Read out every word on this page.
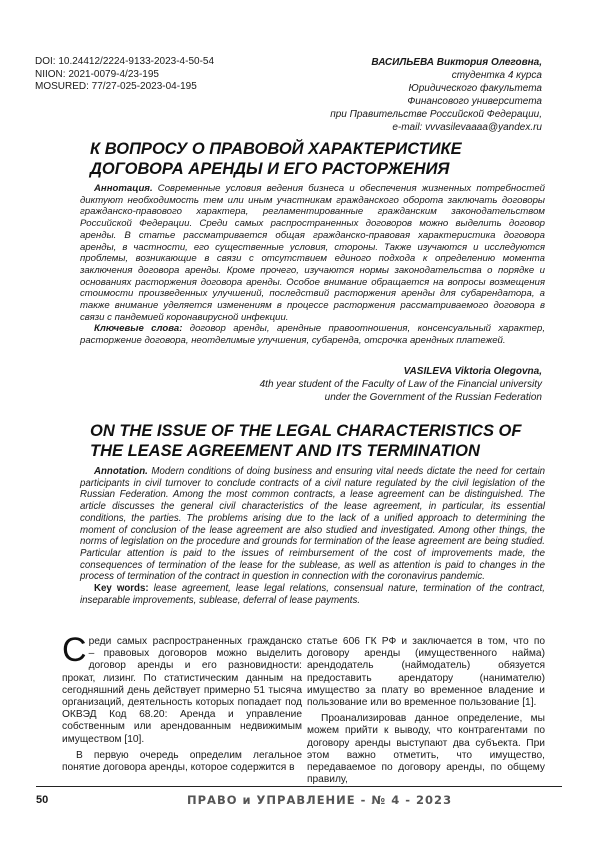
DOI: 10.24412/2224-9133-2023-4-50-54
NIION: 2021-0079-4/23-195
MOSURED: 77/27-025-2023-04-195
ВАСИЛЬЕВА Виктория Олеговна,
студентка 4 курса
Юридического факультета
Финансового университета
при Правительстве Российской Федерации,
e-mail: vvvasilevaaaa@yandex.ru
К ВОПРОСУ О ПРАВОВОЙ ХАРАКТЕРИСТИКЕ ДОГОВОРА АРЕНДЫ И ЕГО РАСТОРЖЕНИЯ

Аннотация. Современные условия ведения бизнеса и обеспечения жизненных потребностей диктуют необходимость тем или иным участникам гражданского оборота заключать договоры гражданско-правового характера, регламентированные гражданским законодательством Российской Федерации. Среди самых распространенных договоров можно выделить договор аренды. В статье рассматривается общая гражданско-правовая характеристика договора аренды, в частности, его существенные условия, стороны. Также изучаются и исследуются проблемы, возникающие в связи с отсутствием единого подхода к определению момента заключения договора аренды. Кроме прочего, изучаются нормы законодательства о порядке и основаниях расторжения договора аренды. Особое внимание обращается на вопросы возмещения стоимости произведенных улучшений, последствий расторжения аренды для субарендатора, а также внимание уделяется изменениям в процессе расторжения рассматриваемого договора в связи с пандемией коронавирусной инфекции.

Ключевые слова: договор аренды, арендные правоотношения, консенсуальный характер, расторжение договора, неотделимые улучшения, субаренда, отсрочка арендных платежей.

VASILEVA Viktoria Olegovna,
4th year student of the Faculty of Law of the Financial university
under the Government of the Russian Federation
ON THE ISSUE OF THE LEGAL CHARACTERISTICS OF THE LEASE AGREEMENT AND ITS TERMINATION

Annotation. Modern conditions of doing business and ensuring vital needs dictate the need for certain participants in civil turnover to conclude contracts of a civil nature regulated by the civil legislation of the Russian Federation. Among the most common contracts, a lease agreement can be distinguished. The article discusses the general civil characteristics of the lease agreement, in particular, its essential conditions, the parties. The problems arising due to the lack of a unified approach to determining the moment of conclusion of the lease agreement are also studied and investigated. Among other things, the norms of legislation on the procedure and grounds for termination of the lease agreement are being studied. Particular attention is paid to the issues of reimbursement of the cost of improvements made, the consequences of termination of the lease for the sublease, as well as attention is paid to changes in the process of termination of the contract in question in connection with the coronavirus pandemic.

Key words: lease agreement, lease legal relations, consensual nature, termination of the contract, inseparable improvements, sublease, deferral of lease payments.

Среди самых распространенных гражданско – правовых договоров можно выделить договор аренды и его разновидности: прокат, лизинг. По статистическим данным на сегодняшний день действует примерно 51 тысяча организаций, деятельность которых попадает под ОКВЭД Код 68.20: Аренда и управление собственным или арендованным недвижимым имуществом [10].

В первую очередь определим легальное понятие договора аренды, которое содержится в

статье 606 ГК РФ и заключается в том, что по договору аренды (имущественного найма) арендодатель (наймодатель) обязуется предоставить арендатору (нанимателю) имущество за плату во временное владение и пользование или во временное пользование [1].

Проанализировав данное определение, мы можем прийти к выводу, что контрагентами по договору аренды выступают два субъекта. При этом важно отметить, что имущество, передаваемое по договору аренды, по общему правилу,

50	ПРАВО и УПРАВЛЕНИЕ - № 4 - 2023
